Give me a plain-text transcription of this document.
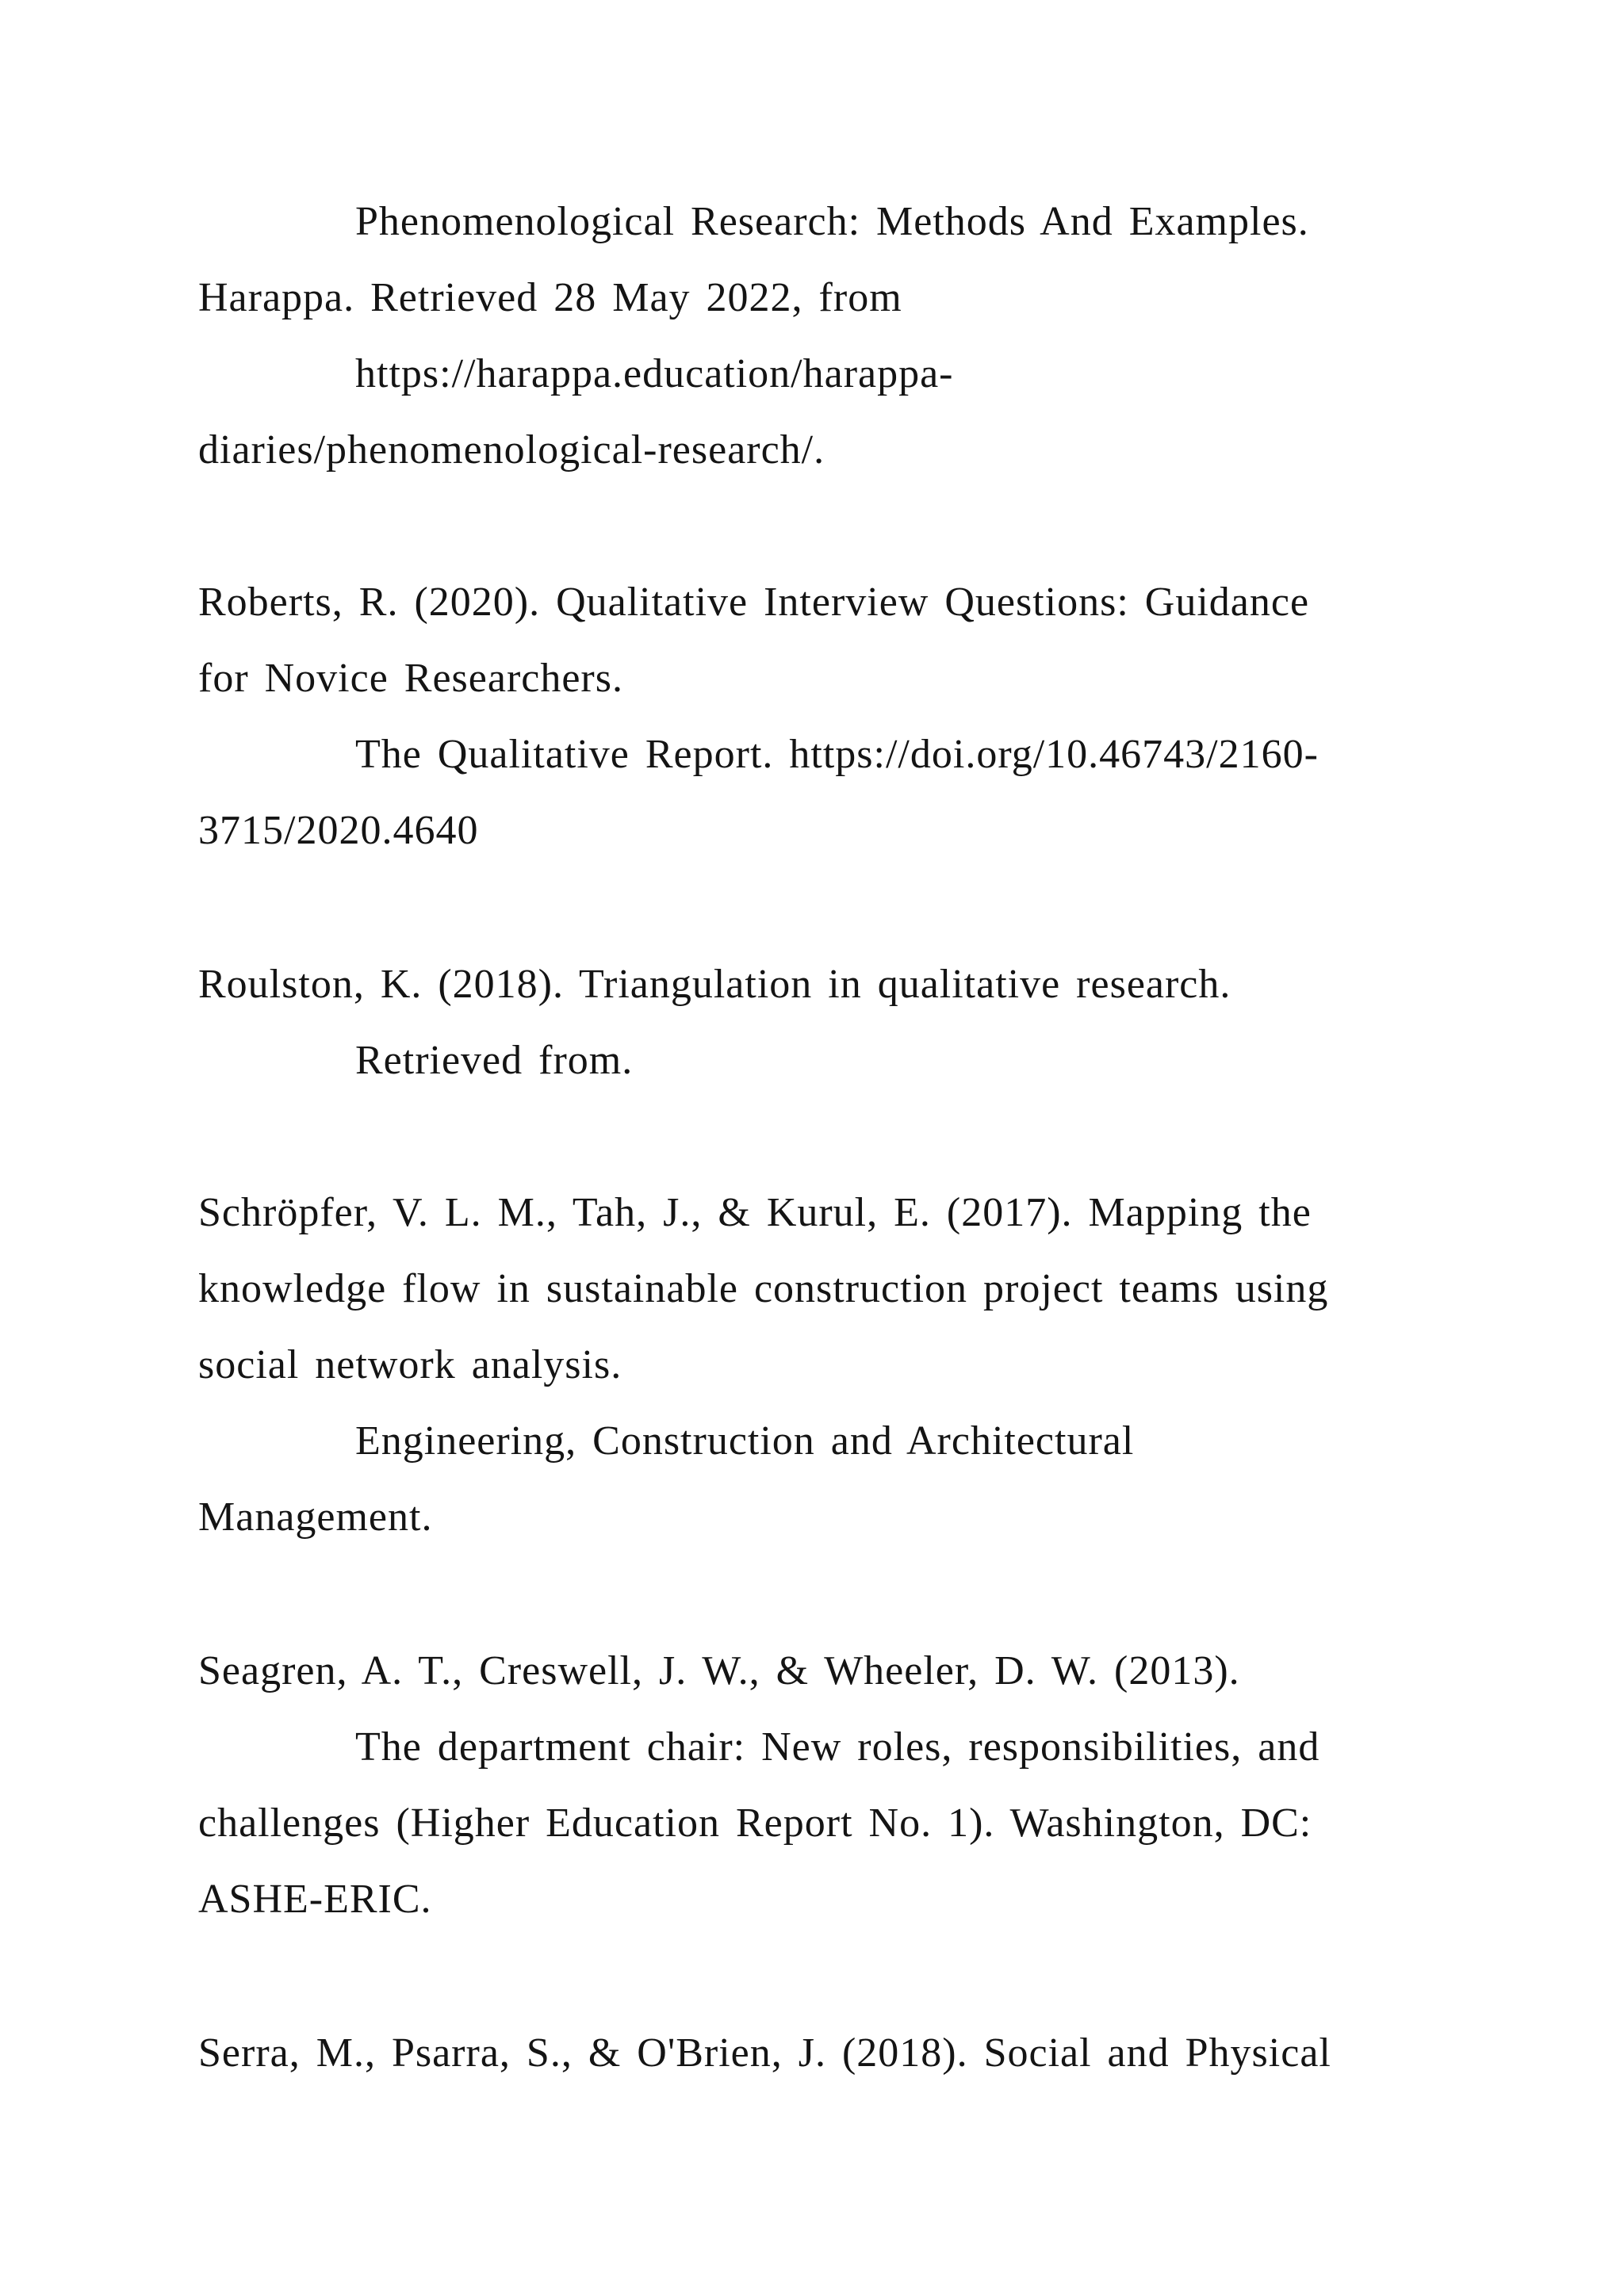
Phenomenological Research: Methods And Examples.
Harappa. Retrieved 28 May 2022, from
https://harappa.education/harappa-
diaries/phenomenological-research/.
Roberts, R. (2020). Qualitative Interview Questions: Guidance
for Novice Researchers.
The Qualitative Report. https://doi.org/10.46743/2160-
3715/2020.4640
Roulston, K. (2018). Triangulation in qualitative research.
Retrieved from.
Schröpfer, V. L. M., Tah, J., & Kurul, E. (2017). Mapping the
knowledge flow in sustainable construction project teams using
social network analysis.
Engineering, Construction and Architectural
Management.
Seagren, A. T., Creswell, J. W., & Wheeler, D. W. (2013).
The department chair: New roles, responsibilities, and
challenges (Higher Education Report No. 1). Washington, DC:
ASHE-ERIC.
Serra, M., Psarra, S., & O'Brien, J. (2018). Social and Physical
